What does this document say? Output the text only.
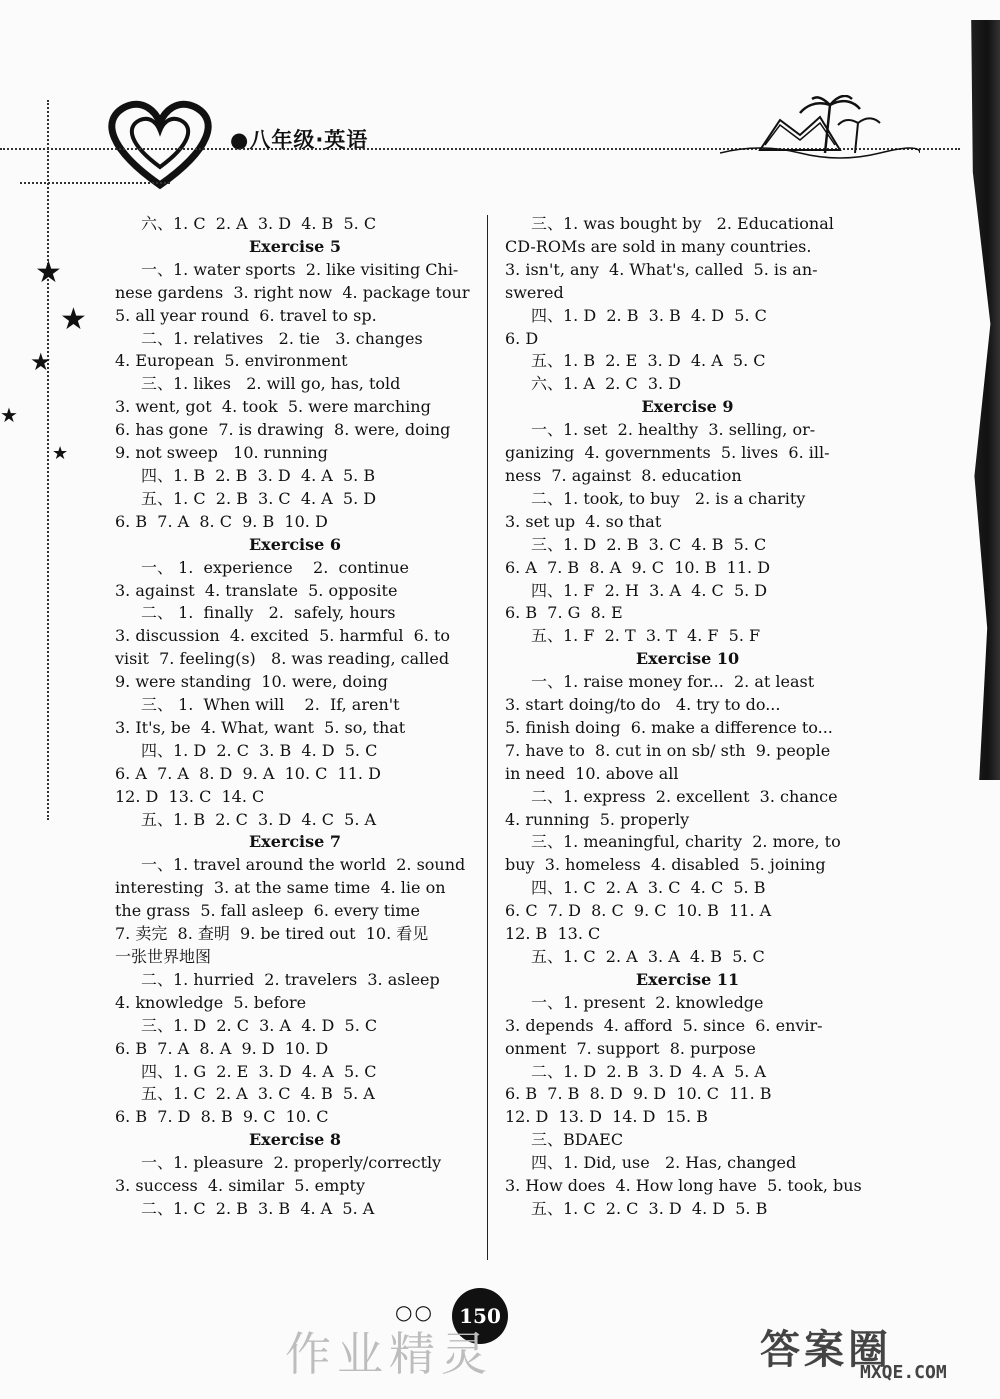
●八年级·英语
★
★
★
★
★
六、1. C  2. A  3. D  4. B  5. C
Exercise 5
一、1. water sports  2. like visiting Chi-
nese gardens  3. right now  4. package tour
5. all year round  6. travel to sp.
二、1. relatives   2. tie   3. changes
4. European  5. environment
三、1. likes   2. will go, has, told
3. went, got  4. took  5. were marching
6. has gone  7. is drawing  8. were, doing
9. not sweep   10. running
四、1. B  2. B  3. D  4. A  5. B
五、1. C  2. B  3. C  4. A  5. D
6. B  7. A  8. C  9. B  10. D
Exercise 6
一、 1.  experience    2.  continue
3. against  4. translate  5. opposite
二、 1.  finally   2.  safely, hours
3. discussion  4. excited  5. harmful  6. to
visit  7. feeling(s)   8. was reading, called
9. were standing  10. were, doing
三、 1.  When will    2.  If, aren't
3. It's, be  4. What, want  5. so, that
四、1. D  2. C  3. B  4. D  5. C
6. A  7. A  8. D  9. A  10. C  11. D
12. D  13. C  14. C
五、1. B  2. C  3. D  4. C  5. A
Exercise 7
一、1. travel around the world  2. sound
interesting  3. at the same time  4. lie on
the grass  5. fall asleep  6. every time
7. 卖完  8. 查明  9. be tired out  10. 看见
一张世界地图
二、1. hurried  2. travelers  3. asleep
4. knowledge  5. before
三、1. D  2. C  3. A  4. D  5. C
6. B  7. A  8. A  9. D  10. D
四、1. G  2. E  3. D  4. A  5. C
五、1. C  2. A  3. C  4. B  5. A
6. B  7. D  8. B  9. C  10. C
Exercise 8
一、1. pleasure  2. properly/correctly
3. success  4. similar  5. empty
二、1. C  2. B  3. B  4. A  5. A
三、1. was bought by   2. Educational
CD-ROMs are sold in many countries.
3. isn't, any  4. What's, called  5. is an-
swered
四、1. D  2. B  3. B  4. D  5. C
6. D
五、1. B  2. E  3. D  4. A  5. C
六、1. A  2. C  3. D
Exercise 9
一、1. set  2. healthy  3. selling, or-
ganizing  4. governments  5. lives  6. ill-
ness  7. against  8. education
二、1. took, to buy   2. is a charity
3. set up  4. so that
三、1. D  2. B  3. C  4. B  5. C
6. A  7. B  8. A  9. C  10. B  11. D
四、1. F  2. H  3. A  4. C  5. D
6. B  7. G  8. E
五、1. F  2. T  3. T  4. F  5. F
Exercise 10
一、1. raise money for...  2. at least
3. start doing/to do   4. try to do...
5. finish doing  6. make a difference to...
7. have to  8. cut in on sb/ sth  9. people
in need  10. above all
二、1. express  2. excellent  3. chance
4. running  5. properly
三、1. meaningful, charity  2. more, to
buy  3. homeless  4. disabled  5. joining
四、1. C  2. A  3. C  4. C  5. B
6. C  7. D  8. C  9. C  10. B  11. A
12. B  13. C
五、1. C  2. A  3. A  4. B  5. C
Exercise 11
一、1. present  2. knowledge
3. depends  4. afford  5. since  6. envir-
onment  7. support  8. purpose
二、1. D  2. B  3. D  4. A  5. A
6. B  7. B  8. D  9. D  10. C  11. B
12. D  13. D  14. D  15. B
三、BDAEC
四、1. Did, use   2. Has, changed
3. How does  4. How long have  5. took, bus
五、1. C  2. C  3. D  4. D  5. B
○○	150
作业精灵	答案圈
MXQE.COM
